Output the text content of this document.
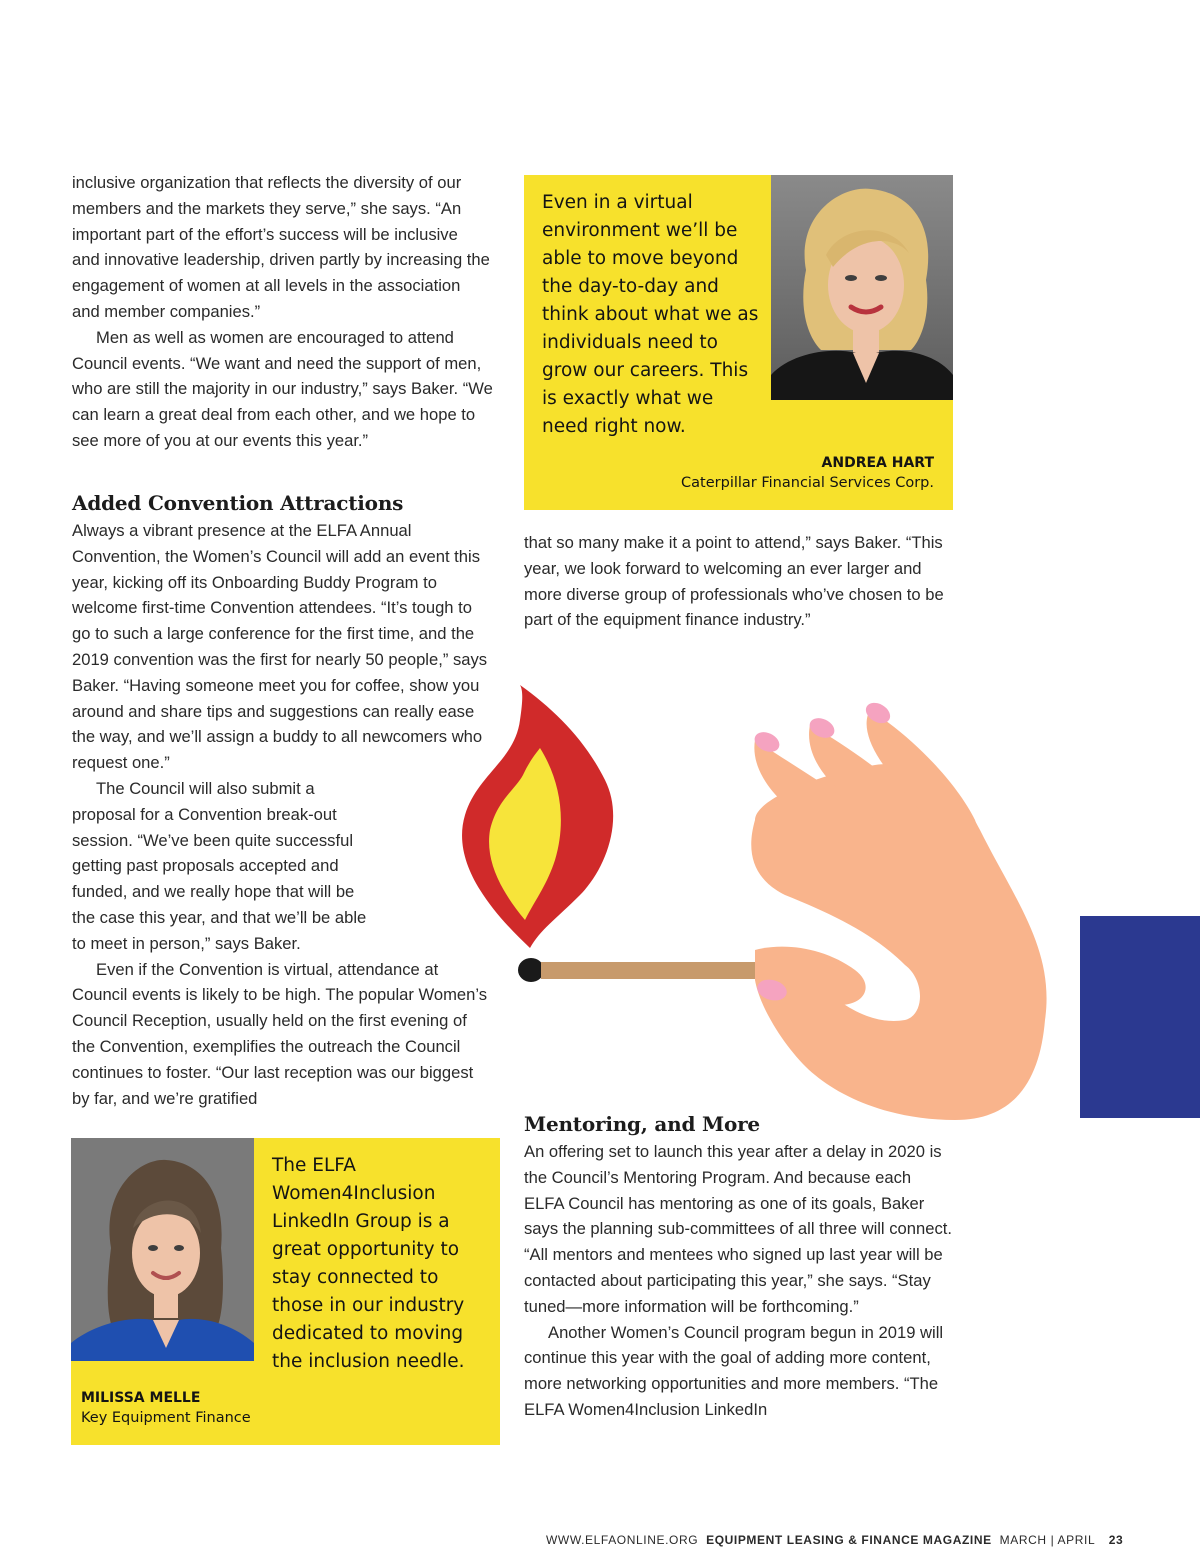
inclusive organization that reflects the diversity of our members and the markets they serve,” she says. “An important part of the effort’s success will be inclusive and innovative leadership, driven partly by increasing the engagement of women at all levels in the association and member companies.”

Men as well as women are encouraged to attend Council events. “We want and need the support of men, who are still the majority in our industry,” says Baker. “We can learn a great deal from each other, and we hope to see more of you at our events this year.”

Added Convention Attractions

Always a vibrant presence at the ELFA Annual Convention, the Women’s Council will add an event this year, kicking off its Onboarding Buddy Program to welcome first-time Convention attendees. “It’s tough to go to such a large conference for the first time, and the 2019 convention was the first for nearly 50 people,” says Baker. “Having someone meet you for coffee, show you around and share tips and suggestions can really ease the way, and we’ll assign a buddy to all newcomers who request one.”

The Council will also submit a proposal for a Convention break-out session. “We’ve been quite successful getting past proposals accepted and funded, and we really hope that will be the case this year, and that we’ll be able to meet in person,” says Baker.

Even if the Convention is virtual, attendance at Council events is likely to be high. The popular Women’s Council Reception, usually held on the first evening of the Convention, exemplifies the outreach the Council continues to foster. “Our last reception was our biggest by far, and we’re gratified

Even in a virtual environment we’ll be able to move beyond the day-to-day and think about what we as individuals need to grow our careers. This is exactly what we need right now.
ANDREA HART
Caterpillar Financial Services Corp.

that so many make it a point to attend,” says Baker. “This year, we look forward to welcoming an ever larger and more diverse group of professionals who’ve chosen to be part of the equipment finance industry.”

Mentoring, and More

An offering set to launch this year after a delay in 2020 is the Council’s Mentoring Program. And because each ELFA Council has mentoring as one of its goals, Baker says the planning sub-committees of all three will connect. “All mentors and mentees who signed up last year will be contacted about participating this year,” she says. “Stay tuned—more information will be forthcoming.”

Another Women’s Council program begun in 2019 will continue this year with the goal of adding more content, more networking opportunities and more members. “The ELFA Women4Inclusion LinkedIn

The ELFA Women4Inclusion LinkedIn Group is a great opportunity to stay connected to those in our industry dedicated to moving the inclusion needle.
MILISSA MELLE
Key Equipment Finance
WWW.ELFAONLINE.ORG EQUIPMENT LEASING & FINANCE MAGAZINE MARCH | APRIL 23
